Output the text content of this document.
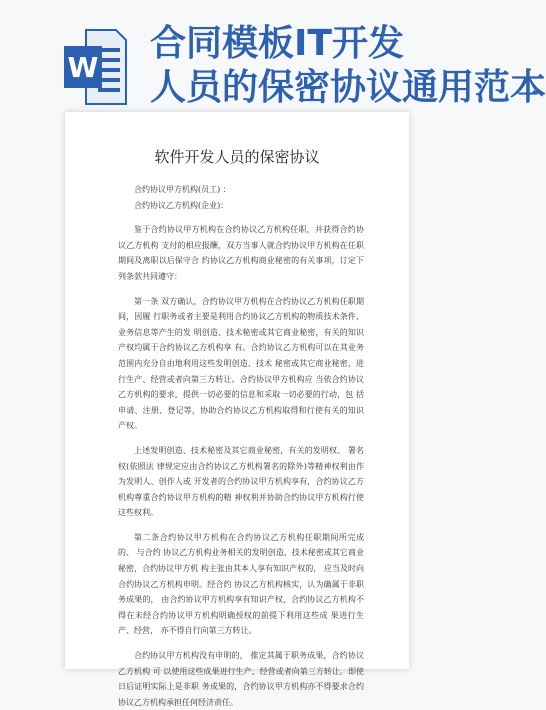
W
合同模板IT开发
人员的保密协议通用范本
软件开发人员的保密协议

合约协议甲方机构(员工) ：

合约协议乙方机构(企业)：

鉴于合约协议甲方机构在合约协议乙方机构任职，并获得合约协议乙方机构 支付的相应报酬，双方当事人就合约协议甲方机构在任职期间及离职以后保守合 约协议乙方机构商业秘密的有关事项，订定下列条款共同遵守：

第一条 双方确认，合约协议甲方机构在合约协议乙方机构任职期间，因履 行职务或者主要是利用合约协议乙方机构的物质技术条件、业务信息等产生的发 明创造、技术秘密或其它商业秘密，有关的知识产权均属于合约协议乙方机构享 有。合约协议乙方机构可以在其业务范围内充分自由地利用这些发明创造、技术 秘密或其它商业秘密，进行生产、经营或者向第三方转让。合约协议甲方机构应 当依合约协议乙方机构的要求，提供一切必要的信息和采取一切必要的行动，包 括申请、注册、登记等，协助合约协议乙方机构取得和行使有关的知识产权。

上述发明创造、技术秘密及其它商业秘密，有关的发明权、 署名权(依照法 律规定应由合约协议乙方机构署名的除外)等精神权利由作为发明人、创作人或 开发者的合约协议甲方机构享有，合约协议乙方机构尊重合约协议甲方机构的精 神权利并协助合约协议甲方机构行使这些权利。

第二条合约协议甲方机构在合约协议乙方机构任职期间所完成的、 与合约 协议乙方机构业务相关的发明创造、技术秘密或其它商业秘密，合约协议甲方机 构主张由其本人享有知识产权的， 应当及时向合约协议乙方机构申明。经合约 协议乙方机构核实，认为确属于非职务成果的， 由合约协议甲方机构享有知识产权，合约协议乙方机构不得在未经合约协议甲方机构明确授权的前提下利用这些成 果进行生产、经营， 亦不得自行向第三方转让。

合约协议甲方机构没有申明的， 推定其属于职务成果，合约协议乙方机构 可 以使用这些成果进行生产、经营或者向第三方转让。即使日后证明实际上是非职 务成果的，合约协议甲方机构亦不得要求合约协议乙方机构承担任何经济责任。
